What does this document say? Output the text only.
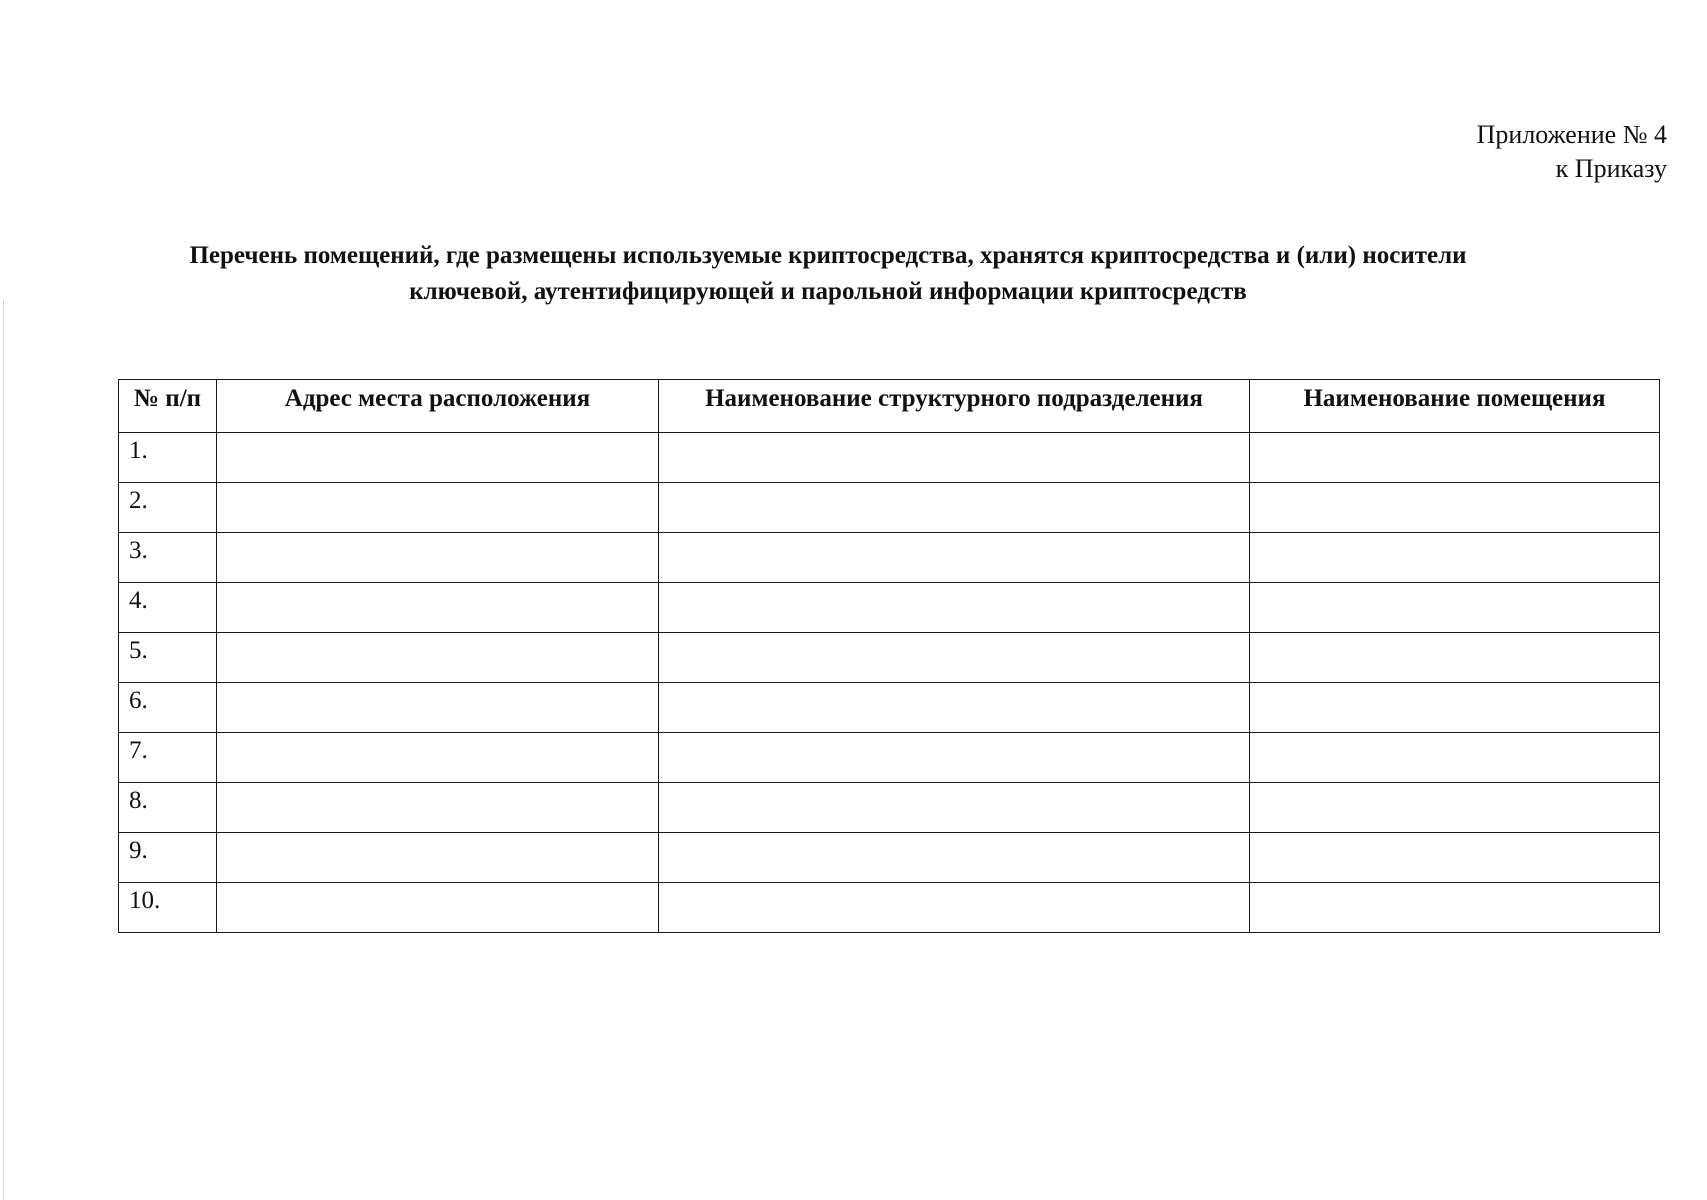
Приложение № 4
к Приказу
Перечень помещений, где размещены используемые криптосредства, хранятся криптосредства и (или) носители
ключевой, аутентифицирующей и парольной информации криптосредств
№ п/п	Адрес места расположения	Наименование структурного подразделения	Наименование помещения
1.			
2.			
3.			
4.			
5.			
6.			
7.			
8.			
9.			
10.			
